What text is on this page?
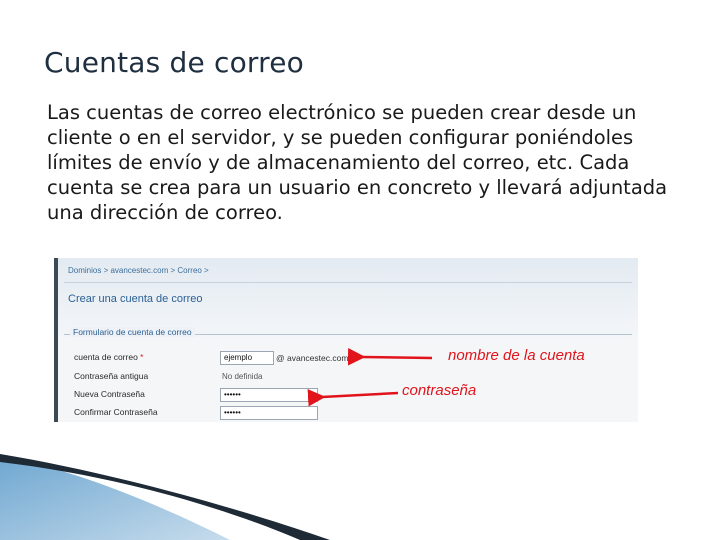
Cuentas de correo
Las cuentas de correo electrónico se pueden crear desde un cliente o en el servidor, y se pueden configurar poniéndoles límites de envío y de almacenamiento del correo, etc. Cada cuenta se crea para un usuario en concreto y llevará adjuntada una dirección de correo.
Dominios > avancestec.com > Correo >
Crear una cuenta de correo
Formulario de cuenta de correo
cuenta de correo *	ejemplo	@ avancestec.com
Contraseña antigua	No definida
Nueva Contraseña	••••••
Confirmar Contraseña	••••••
nombre de la cuenta
contraseña
